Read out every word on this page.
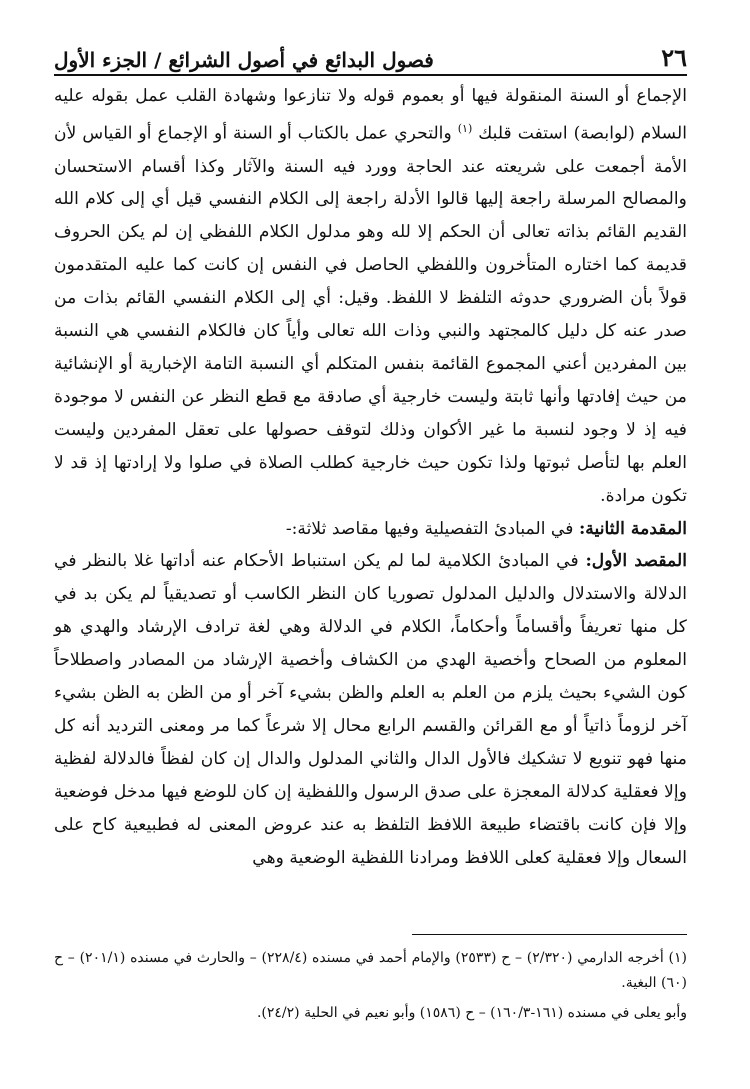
٢٦
فصول البدائع في أصول الشرائع / الجزء الأول

الإجماع أو السنة المنقولة فيها أو بعموم قوله ولا تنازعوا وشهادة القلب عمل بقوله عليه السلام (لوابصة) استفت قلبك $^{(١)}$ والتحري عمل بالكتاب أو السنة أو الإجماع أو القياس لأن الأمة أجمعت على شريعته عند الحاجة وورد فيه السنة والآثار وكذا أقسام الاستحسان والمصالح المرسلة راجعة إليها قالوا الأدلة راجعة إلى الكلام النفسي قيل أي إلى كلام الله القديم القائم بذاته تعالى أن الحكم إلا لله وهو مدلول الكلام اللفظي إن لم يكن الحروف قديمة كما اختاره المتأخرون واللفظي الحاصل في النفس إن كانت كما عليه المتقدمون قولاً بأن الضروري حدوثه التلفظ لا اللفظ. وقيل: أي إلى الكلام النفسي القائم بذات من صدر عنه كل دليل كالمجتهد والنبي وذات الله تعالى وأياً كان فالكلام النفسي هي النسبة بين المفردين أعني المجموع القائمة بنفس المتكلم أي النسبة التامة الإخبارية أو الإنشائية من حيث إفادتها وأنها ثابتة وليست خارجية أي صادقة مع قطع النظر عن النفس لا موجودة فيه إذ لا وجود لنسبة ما غير الأكوان وذلك لتوقف حصولها على تعقل المفردين وليست العلم بها لتأصل ثبوتها ولذا تكون حيث خارجية كطلب الصلاة في صلوا ولا إرادتها إذ قد لا تكون مرادة.

المقدمة الثانية: في المبادئ التفصيلية وفيها مقاصد ثلاثة:-

المقصد الأول: في المبادئ الكلامية لما لم يكن استنباط الأحكام عنه أداتها غلا بالنظر في الدلالة والاستدلال والدليل المدلول تصوريا كان النظر الكاسب أو تصديقياً لم يكن بد في كل منها تعريفاً وأقساماً وأحكاماً، الكلام في الدلالة وهي لغة ترادف الإرشاد والهدي هو المعلوم من الصحاح وأخصية الهدي من الكشاف وأخصية الإرشاد من المصادر واصطلاحاً كون الشيء بحيث يلزم من العلم به العلم والظن بشيء آخر أو من الظن به الظن بشيء آخر لزوماً ذاتياً أو مع القرائن والقسم الرابع محال إلا شرعاً كما مر ومعنى الترديد أنه كل منها فهو تنويع لا تشكيك فالأول الدال والثاني المدلول والدال إن كان لفظاً فالدلالة لفظية وإلا فعقلية كدلالة المعجزة على صدق الرسول واللفظية إن كان للوضع فيها مدخل فوضعية وإلا فإن كانت باقتضاء طبيعة اللافظ التلفظ به عند عروض المعنى له فطبيعية كاح على السعال وإلا فعقلية كعلى اللافظ ومرادنا اللفظية الوضعية وهي

(١) أخرجه الدارمي (٢/٣٢٠) – ح (٢٥٣٣) والإمام أحمد في مسنده (٢٢٨/٤) – والحارث في مسنده (٢٠١/١) – ح (٦٠) البغية.

وأبو يعلى في مسنده (١٦١-١٦٠/٣) – ح (١٥٨٦) وأبو نعيم في الحلية (٢٤/٢).
